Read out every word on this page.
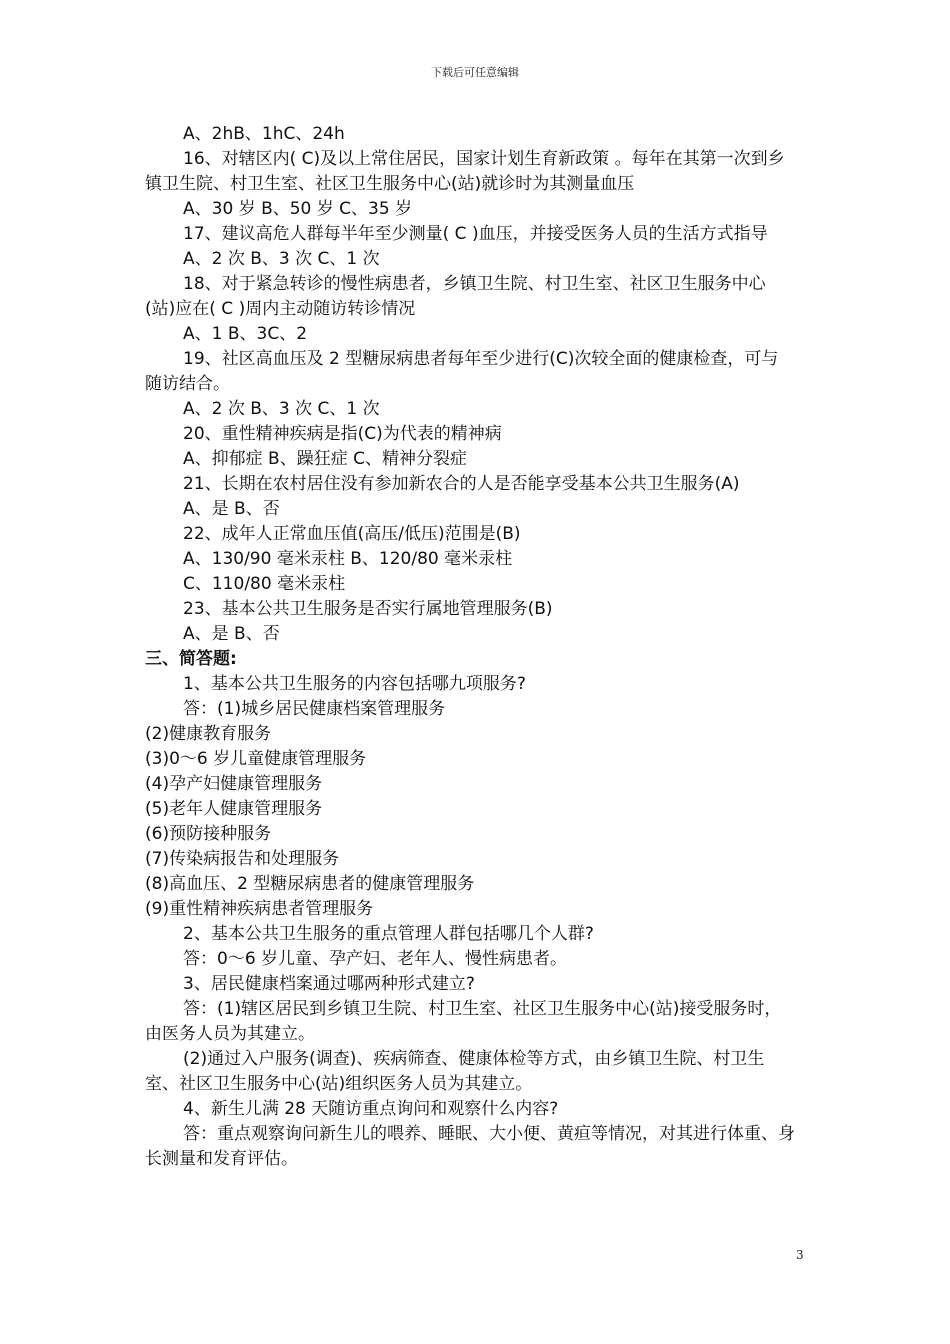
下载后可任意编辑
A、2hB、1hC、24h
16、对辖区内( C)及以上常住居民，国家计划生育新政策 。每年在其第一次到乡镇卫生院、村卫生室、社区卫生服务中心(站)就诊时为其测量血压
A、30 岁 B、50 岁 C、35 岁
17、建议高危人群每半年至少测量( C )血压，并接受医务人员的生活方式指导
A、2 次 B、3 次 C、1 次
18、对于紧急转诊的慢性病患者，乡镇卫生院、村卫生室、社区卫生服务中心(站)应在( C )周内主动随访转诊情况
A、1 B、3C、2
19、社区高血压及 2 型糖尿病患者每年至少进行(C)次较全面的健康检查，可与随访结合。
A、2 次 B、3 次 C、1 次
20、重性精神疾病是指(C)为代表的精神病
A、抑郁症 B、躁狂症 C、精神分裂症
21、长期在农村居住没有参加新农合的人是否能享受基本公共卫生服务(A)
A、是 B、否
22、成年人正常血压值(高压/低压)范围是(B)
A、130/90 毫米汞柱 B、120/80 毫米汞柱
C、110/80 毫米汞柱
23、基本公共卫生服务是否实行属地管理服务(B)
A、是 B、否
三、简答题:
1、基本公共卫生服务的内容包括哪九项服务?
答：(1)城乡居民健康档案管理服务
(2)健康教育服务
(3)0～6 岁儿童健康管理服务
(4)孕产妇健康管理服务
(5)老年人健康管理服务
(6)预防接种服务
(7)传染病报告和处理服务
(8)高血压、2 型糖尿病患者的健康管理服务
(9)重性精神疾病患者管理服务
2、基本公共卫生服务的重点管理人群包括哪几个人群?
答：0～6 岁儿童、孕产妇、老年人、慢性病患者。
3、居民健康档案通过哪两种形式建立?
答：(1)辖区居民到乡镇卫生院、村卫生室、社区卫生服务中心(站)接受服务时，由医务人员为其建立。
(2)通过入户服务(调查)、疾病筛查、健康体检等方式，由乡镇卫生院、村卫生室、社区卫生服务中心(站)组织医务人员为其建立。
4、新生儿满 28 天随访重点询问和观察什么内容?
答：重点观察询问新生儿的喂养、睡眠、大小便、黄疸等情况，对其进行体重、身长测量和发育评估。
3
